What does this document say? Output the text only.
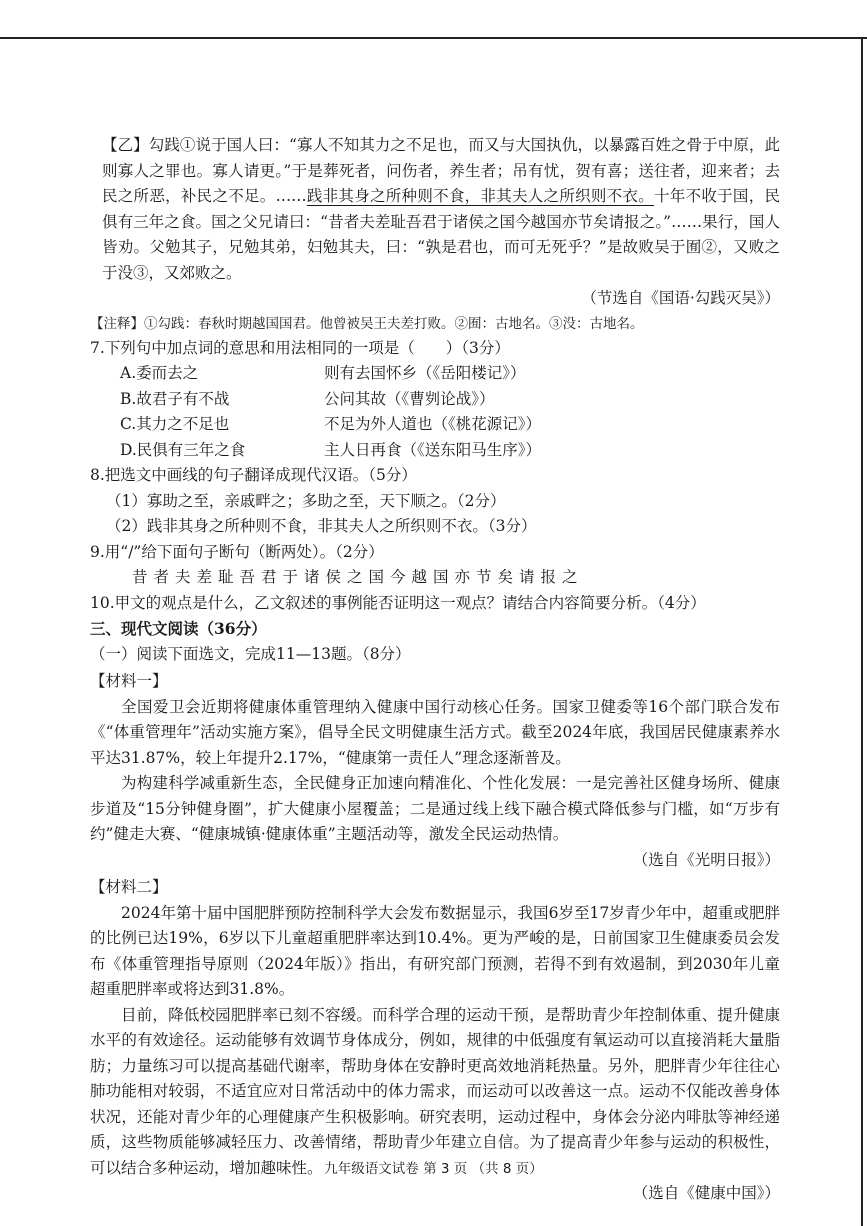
【乙】勾践①说于国人曰：“寡人不知其力之不足也，而又与大国执仇，以暴露百姓之骨于中原，此则寡人之罪也。寡人请更。”于是葬死者，问伤者，养生者；吊有忧，贺有喜；送往者，迎来者；去民之所恶，补民之不足。……践非其身之所种则不食，非其夫人之所织则不衣。十年不收于国，民俱有三年之食。国之父兄请曰：“昔者夫差耻吾君于诸侯之国今越国亦节矣请报之。”……果行，国人皆劝。父勉其子，兄勉其弟，妇勉其夫，曰：“孰是君也，而可无死乎？”是故败吴于囿②，又败之于没③，又郊败之。

（节选自《国语·勾践灭吴》）

【注释】①勾践：春秋时期越国国君。他曾被吴王夫差打败。②囿：古地名。③没：古地名。

7.下列句中加点词的意思和用法相同的一项是（　　）（3分）

A.委而去之	则有去国怀乡（《岳阳楼记》）
B.故君子有不战	公问其故（《曹刿论战》）
C.其力之不足也	不足为外人道也（《桃花源记》）
D.民俱有三年之食	主人日再食（《送东阳马生序》）

8.把选文中画线的句子翻译成现代汉语。（5分）

（1）寡助之至，亲戚畔之；多助之至，天下顺之。（2分）

（2）践非其身之所种则不食，非其夫人之所织则不衣。（3分）

9.用“/”给下面句子断句（断两处）。（2分）

昔者夫差耻吾君于诸侯之国今越国亦节矣请报之

10.甲文的观点是什么，乙文叙述的事例能否证明这一观点？请结合内容简要分析。（4分）

三、现代文阅读（36分）

（一）阅读下面选文，完成11—13题。（8分）

【材料一】

全国爱卫会近期将健康体重管理纳入健康中国行动核心任务。国家卫健委等16个部门联合发布《“体重管理年”活动实施方案》，倡导全民文明健康生活方式。截至2024年底，我国居民健康素养水平达31.87%，较上年提升2.17%，“健康第一责任人”理念逐渐普及。

为构建科学减重新生态，全民健身正加速向精准化、个性化发展：一是完善社区健身场所、健康步道及“15分钟健身圈”，扩大健康小屋覆盖；二是通过线上线下融合模式降低参与门槛，如“万步有约”健走大赛、“健康城镇·健康体重”主题活动等，激发全民运动热情。

（选自《光明日报》）

【材料二】

2024年第十届中国肥胖预防控制科学大会发布数据显示，我国6岁至17岁青少年中，超重或肥胖的比例已达19%，6岁以下儿童超重肥胖率达到10.4%。更为严峻的是，日前国家卫生健康委员会发布《体重管理指导原则（2024年版）》指出，有研究部门预测，若得不到有效遏制，到2030年儿童超重肥胖率或将达到31.8%。

目前，降低校园肥胖率已刻不容缓。而科学合理的运动干预，是帮助青少年控制体重、提升健康水平的有效途径。运动能够有效调节身体成分，例如，规律的中低强度有氧运动可以直接消耗大量脂肪；力量练习可以提高基础代谢率，帮助身体在安静时更高效地消耗热量。另外，肥胖青少年往往心肺功能相对较弱，不适宜应对日常活动中的体力需求，而运动可以改善这一点。运动不仅能改善身体状况，还能对青少年的心理健康产生积极影响。研究表明，运动过程中，身体会分泌内啡肽等神经递质，这些物质能够减轻压力、改善情绪，帮助青少年建立自信。为了提高青少年参与运动的积极性，可以结合多种运动，增加趣味性。

（选自《健康中国》）

九年级语文试卷 第 3 页 （共 8 页）
